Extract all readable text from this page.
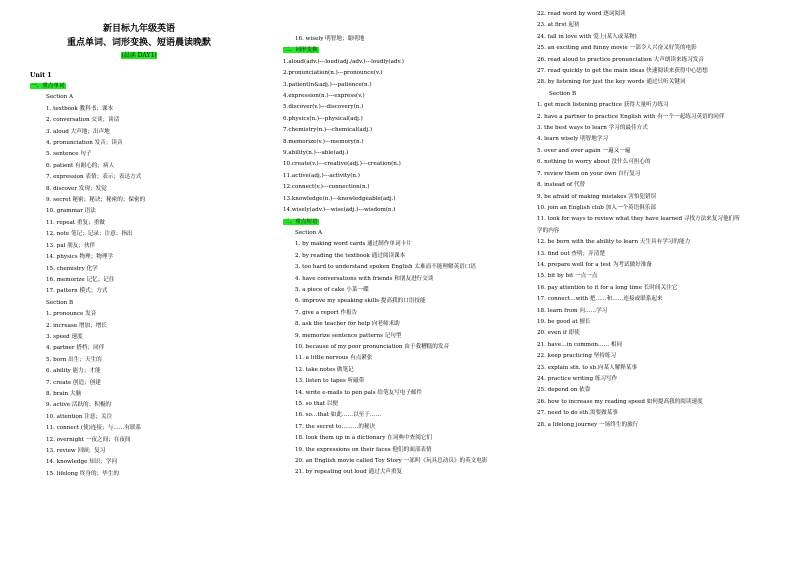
新目标九年级英语
重点单词、词形变换、短语晨读晚默
(晨读 DAY1)
Unit 1
一、重点单词
Section A
1. textbook 教科书；课本
2. conversation 交谈；谈话
3. aloud 大声地；出声地
4. pronunciation 发音；读音
5. sentence 句子
6. patient 有耐心的；病人
7. expression 表情；表示；表达方式
8. discover 发现；发觉
9. secret 秘密；秘诀；秘密的；保密的
10. grammar 语法
11. repeat 重复；重做
12. note 笔记；记录；注意；指出
13. pal 朋友；伙伴
14. physics 物理；物理学
15. chemistry 化学
16. memorize 记忆；记住
17. pattern 模式；方式
Section B
1. pronounce 发音
2. increase 增加；增长
3. speed 速度
4. partner 搭档；同伴
5. born 出生；天生的
6. ability 能力；才能
7. create 创造；创建
8. brain 大脑
9. active 活跃的；积极的
10. attention 注意；关注
11. connect (使)连接；与……有联系
12. overnight 一夜之间；在夜间
13. review 回顾；复习
14. knowledge 知识；学问
15. lifelong 终身的；毕生的
16. wisely 明智地；聪明地
二、词形变换
1.aloud(adv.)---loud(adj./adv.)---loudly(adv.)
2.pronunciation(n.)---pronounce(v.)
3.patient(n&adj.)---patience(n.)
4.expression(n.)---express(v.)
5.discover(v.)---discovery(n.)
6.physics(n.)---physical(adj.)
7.chemistry(n.)---chemical(adj.)
8.memorize(v.)---memory(n.)
9.ability(n.)---able(adj.)
10.create(v.)---creative(adj.)---creation(n.)
11.active(adj.)---activity(n.)
12.connect(v.)---connection(n.)
13.knowledge(n.)---knowledgeable(adj.)
14.wisely(adv.)---wise(adj.)---wisdom(n.)
三、重点短语
Section A
1. by making word cards 通过制作单词卡片
2. by reading the textbook 通过阅读课本
3. too hard to understand spoken English 太难而不能理解英语口语
4. have conversations with friends 和朋友进行交谈
5. a piece of cake 小菜一碟
6. improve my speaking skills 提高我的口语技能
7. give a report 作报告
8. ask the teacher for help 向老师求助
9. memorize sentence patterns 记句型
10. because of my poor pronunciation 由于我糟糕的发音
11. a little nervous 有点紧张
12. take notes 做笔记
13. listen to tapes 听磁带
14. write e-mails to pen pals 给笔友写电子邮件
15. so that 以便
16. so…that 如此……以至于……
17. the secret to………的秘诀
18. look them up in a dictionary 在词典中查阅它们
19. the expressions on their faces 他们的面部表情
20. an English movie called Toy Story 一部叫《玩具总动员》的英文电影
21. by repeating out loud 通过大声重复
22. read word by word 逐词阅读
23. at first 起初
24. fall in love with 爱上(某人或某物)
25. an exciting and funny movie 一部令人兴奋又好笑的电影
26. read aloud to practice pronunciation 大声朗读来练习发音
27. read quickly to get the main ideas 快速阅读来获得中心思想
28. by listening for just the key words 通过只听关键词
Section B
1. get much listening practice 获得大量听力练习
2. have a partner to practice English with 有一个一起练习英语的同伴
3. the best ways to learn 学习的最佳方式
4. learn wisely 明智地学习
5. over and over again 一遍又一遍
6. nothing to worry about 没什么可担心的
7. review them on your own 自行复习
8. instead of 代替
9. be afraid of making mistakes 害怕犯错误
10. join an English club 加入一个英语俱乐部
11. look for ways to review what they have learned 寻找方法来复习他们所
学的内容
12. be born with the ability to learn 天生具有学习的能力
13. find out 查明；弄清楚
14. prepare well for a test 为考试做好准备
15. bit by bit 一点一点
16. pay attention to it for a long time 长时间关注它
17. connect…with 把……和……连接或联系起来
18. learn from 向……学习
19. be good at 擅长
20. even if 即使
21. have…in common…… 相同
22. keep practicing 坚持练习
23. explain sth. to sb.向某人解释某事
24. practice writing 练习写作
25. depend on 依靠
26. how to increase my reading speed 如何提高我的阅读速度
27. need to do sth.需要做某事
28. a lifelong journey 一场终生的旅行
